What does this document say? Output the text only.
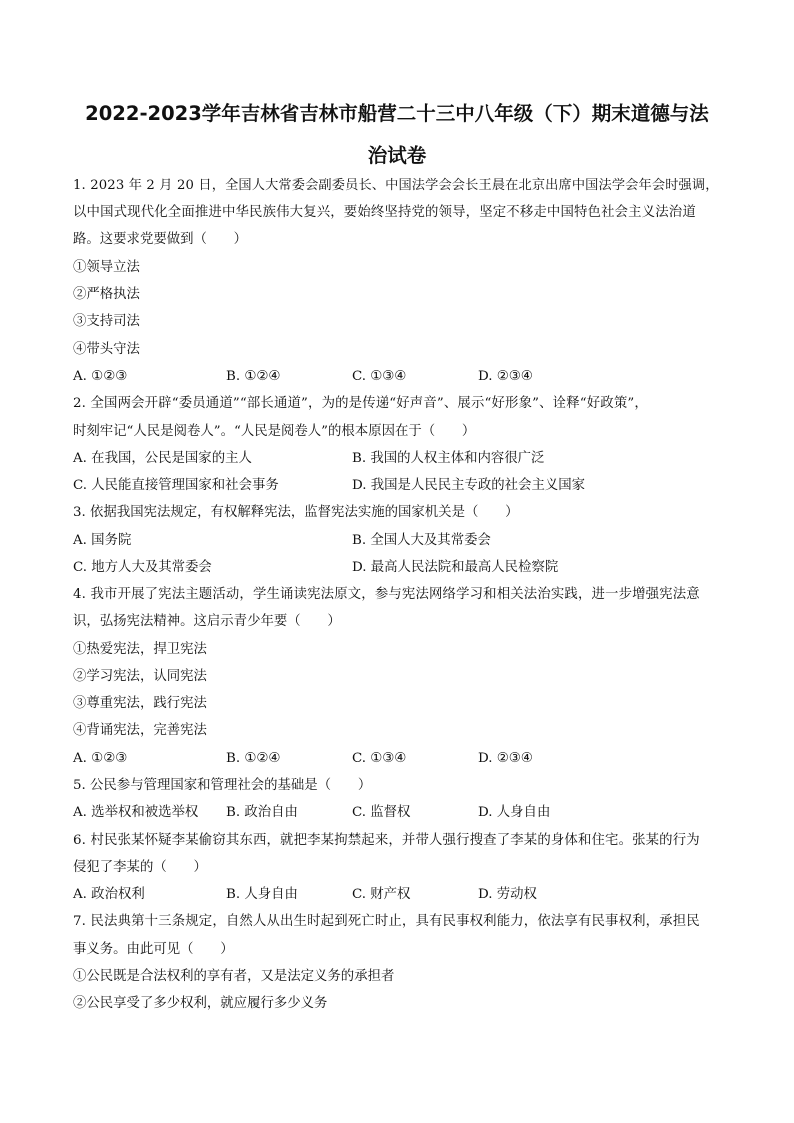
2022-2023学年吉林省吉林市船营二十三中八年级（下）期末道德与法
治试卷
1. 2023 年 2 月 20 日，全国人大常委会副委员长、中国法学会会长王晨在北京出席中国法学会年会时强调，
以中国式现代化全面推进中华民族伟大复兴，要始终坚持党的领导，坚定不移走中国特色社会主义法治道
路。这要求党要做到（　　）
①领导立法
②严格执法
③支持司法
④带头守法
A. ①②③	B. ①②④	C. ①③④	D. ②③④
2. 全国两会开辟“委员通道”“部长通道”，为的是传递“好声音”、展示“好形象”、诠释“好政策”，
时刻牢记“人民是阅卷人”。“人民是阅卷人”的根本原因在于（　　）
A. 在我国，公民是国家的主人	B. 我国的人权主体和内容很广泛
C. 人民能直接管理国家和社会事务	D. 我国是人民民主专政的社会主义国家
3. 依据我国宪法规定，有权解释宪法，监督宪法实施的国家机关是（　　）
A. 国务院	B. 全国人大及其常委会
C. 地方人大及其常委会	D. 最高人民法院和最高人民检察院
4. 我市开展了宪法主题活动，学生诵读宪法原文，参与宪法网络学习和相关法治实践，进一步增强宪法意
识，弘扬宪法精神。这启示青少年要（　　）
①热爱宪法，捍卫宪法
②学习宪法，认同宪法
③尊重宪法，践行宪法
④背诵宪法，完善宪法
A. ①②③	B. ①②④	C. ①③④	D. ②③④
5. 公民参与管理国家和管理社会的基础是（　　）
A. 选举权和被选举权 B. 政治自由	C. 监督权	D. 人身自由
6. 村民张某怀疑李某偷窃其东西，就把李某拘禁起来，并带人强行搜查了李某的身体和住宅。张某的行为
侵犯了李某的（　　）
A. 政治权利	B. 人身自由	C. 财产权	D. 劳动权
7. 民法典第十三条规定，自然人从出生时起到死亡时止，具有民事权利能力，依法享有民事权利，承担民
事义务。由此可见（　　）
①公民既是合法权利的享有者，又是法定义务的承担者
②公民享受了多少权利，就应履行多少义务
